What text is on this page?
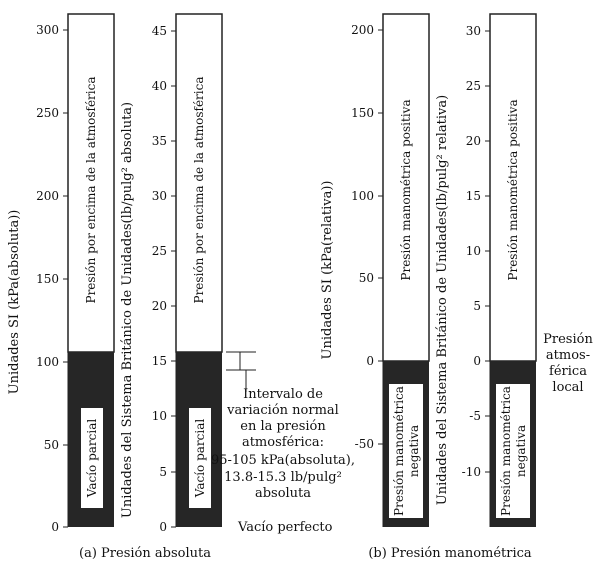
0
50
100
150
200
250
300
Unidades SI (kPa(absoluta))	Presión por encima de la atmosférica
Vacío parcial
0
5
10
15
20
25
30
35
40
45
Unidades del Sistema Británico de Unidades(lb/pulg² absoluta)	Presión por encima de la atmosférica
Vacío parcial
Intervalo de
variación normal
en la presión
atmosférica:
95-105 kPa(absoluta),
13.8-15.3 lb/pulg²
absoluta
Vacío perfecto
(a) Presión absoluta
-50
0
50
100
150
200
Unidades SI (kPa(relativa))	Presión manométrica positiva
Presión manométrica negativa	-10
-5
0
5
10
15
20
25
30
Unidades del Sistema Británico de Unidades(lb/pulg² relativa)	Presión manométrica positiva
Presión manométrica negativa
Presión
atmos-
férica
local
(b) Presión manométrica
